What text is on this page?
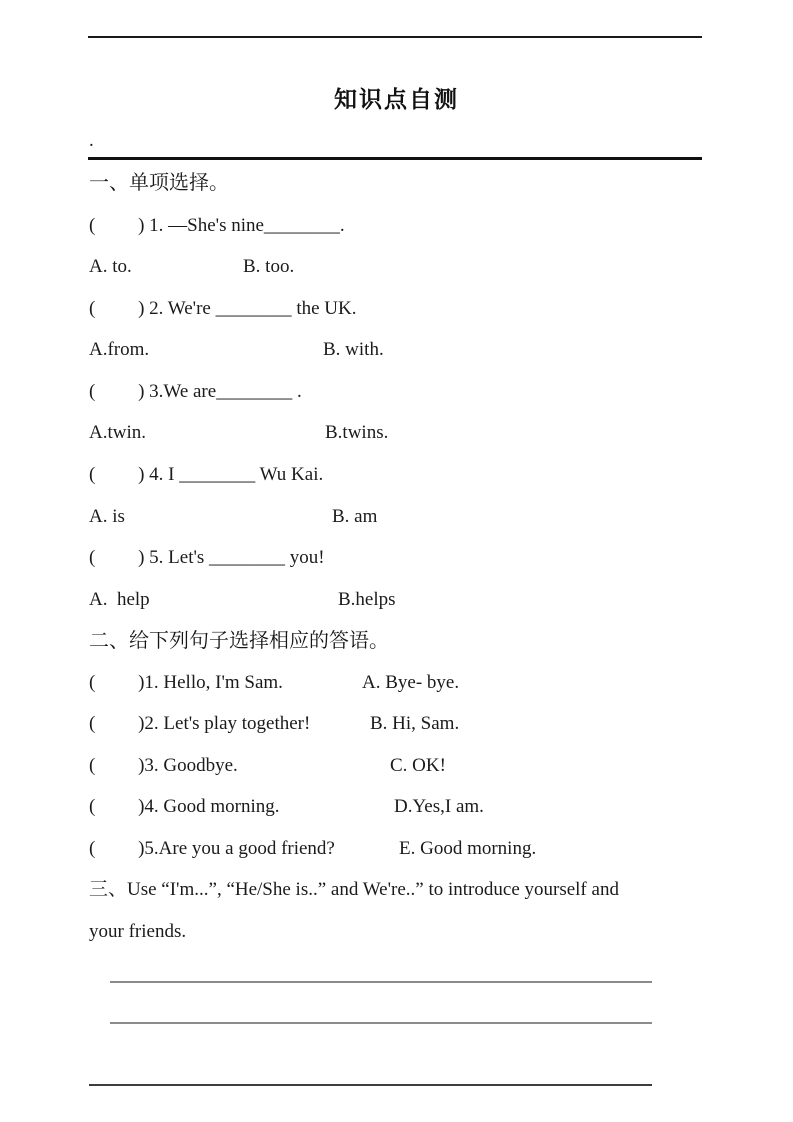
知识点自测
.
一、单项选择。
(         ) 1. —She's nine________.

A. to.

	B. too.

(         ) 2. We're ________ the UK.

A.from.

	B. with.

(         ) 3.We are________ .

A.twin.

	B.twins.

(         ) 4. I ________ Wu Kai.

A. is

	B. am

(         ) 5. Let's ________ you!

A.  help

	B.helps

二、给下列句子选择相应的答语。

(         )1. Hello, I'm Sam.

	A. Bye- bye.

(         )2. Let's play together!

	B. Hi, Sam.

(         )3. Goodbye.

	C. OK!

(         )4. Good morning.

	D.Yes,I am.

(         )5.Are you a good friend?

	E. Good morning.

三、Use “I'm...”, “He/She is..” and We're..” to introduce yourself and
your friends.
